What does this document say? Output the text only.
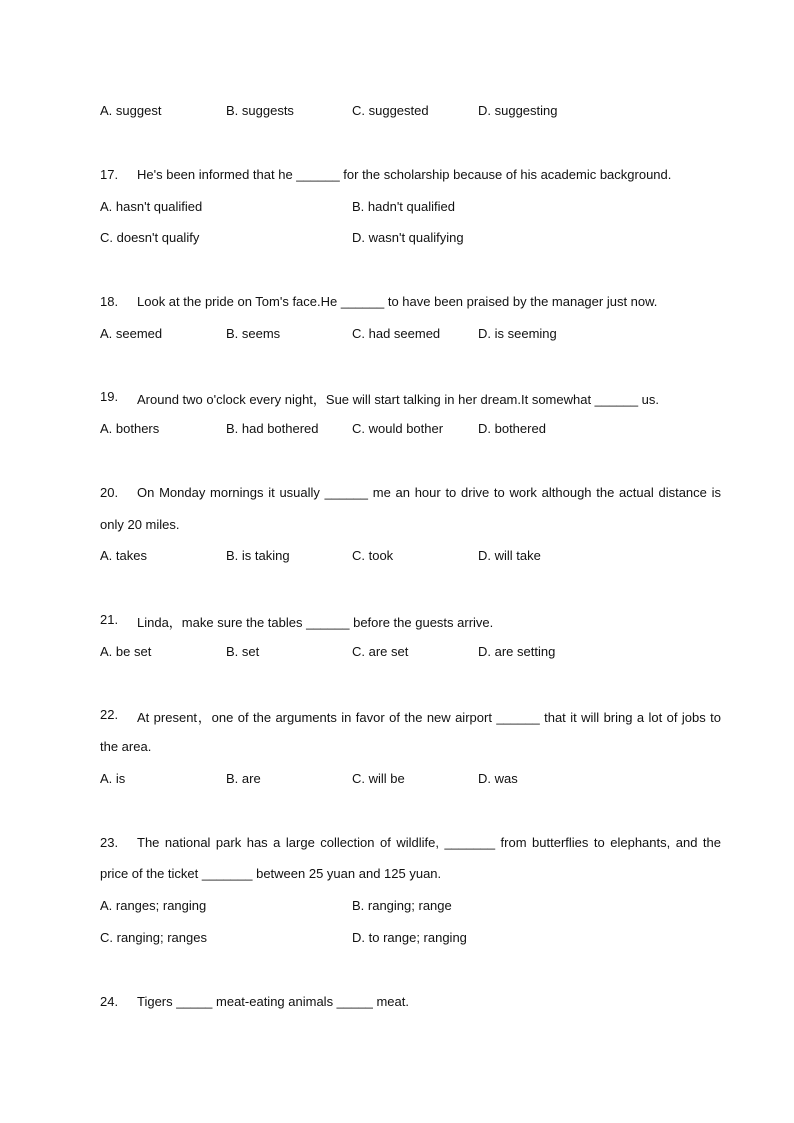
A. suggest	B. suggests	C. suggested	D. suggesting
17. He's been informed that he ______ for the scholarship because of his academic background.
A. hasn't qualified	B. hadn't qualified
C. doesn't qualify	D. wasn't qualifying
18. Look at the pride on Tom's face.He ______ to have been praised by the manager just now.
A. seemed	B. seems	C. had seemed	D. is seeming
19. Around two o'clock every night，Sue will start talking in her dream.It somewhat ______ us.
A. bothers	B. had bothered	C. would bother	D. bothered
20. On Monday mornings it usually ______ me an hour to drive to work although the actual distance is
only 20 miles.
A. takes	B. is taking	C. took	D. will take
21. Linda，make sure the tables ______ before the guests arrive.
A. be set	B. set	C. are set	D. are setting
22. At present，one of the arguments in favor of the new airport ______ that it will bring a lot of jobs to
the area.
A. is	B. are	C. will be	D. was
23. The national park has a large collection of wildlife, _______ from butterflies to elephants, and the
price of the ticket _______ between 25 yuan and 125 yuan.
A. ranges; ranging	B. ranging; range
C. ranging; ranges	D. to range; ranging
24. Tigers _____ meat-eating animals _____ meat.
